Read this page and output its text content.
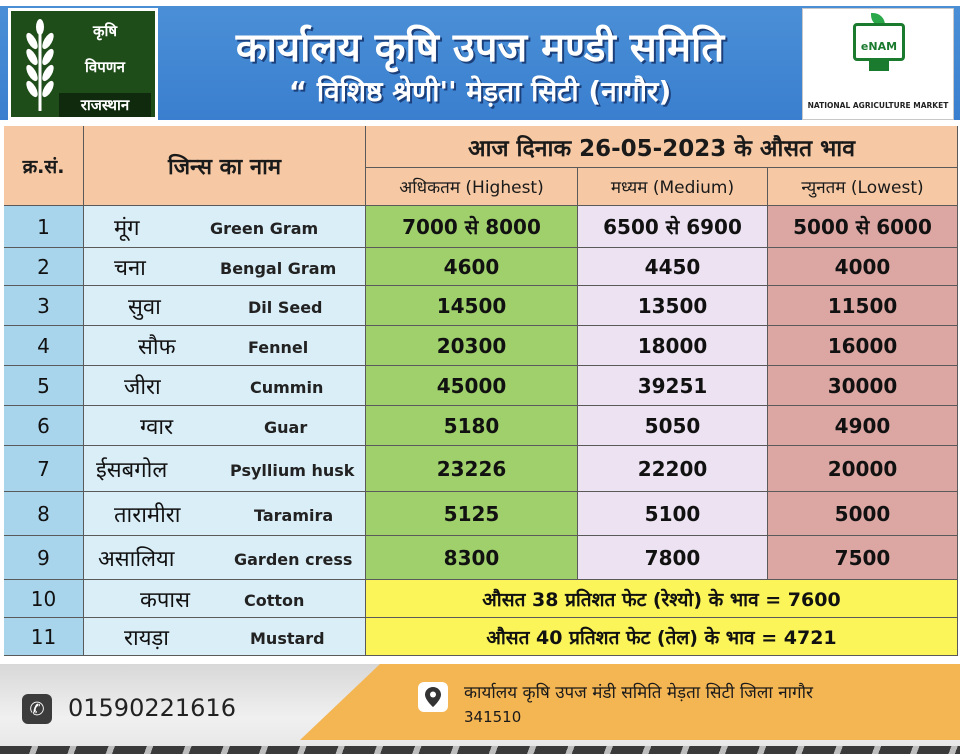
कृषि
विपणन
राजस्थान
कार्यालय कृषि उपज मण्डी समिति
“ विशिष्ठ श्रेणी'' मेड़ता सिटी (नागौर)
eNAM
NATIONAL AGRICULTURE MARKET
क्र.सं.	जिन्स का नाम
आज दिनाक 26-05-2023 के औसत भाव
अधिकतम (Highest)	मध्यम (Medium)	न्युनतम (Lowest)
1	मूंग	Green Gram	7000 से 8000	6500 से 6900	5000 से 6000
2	चना	Bengal Gram	4600	4450	4000
3	सुवा	Dil Seed	14500	13500	11500
4	सौफ	Fennel	20300	18000	16000
5	जीरा	Cummin	45000	39251	30000
6	ग्वार	Guar	5180	5050	4900
7	ईसबगोल	Psyllium husk	23226	22200	20000
8	तारामीरा	Taramira	5125	5100	5000
9	असालिया	Garden cress	8300	7800	7500
10	कपास	Cotton	औसत 38 प्रतिशत फेट (रेश्यो) के भाव = 7600
11	रायड़ा	Mustard	औसत 40 प्रतिशत फेट (तेल) के भाव = 4721
✆ 01590221616
कार्यालय कृषि उपज मंडी समिति मेड़ता सिटी जिला नागौर
341510
